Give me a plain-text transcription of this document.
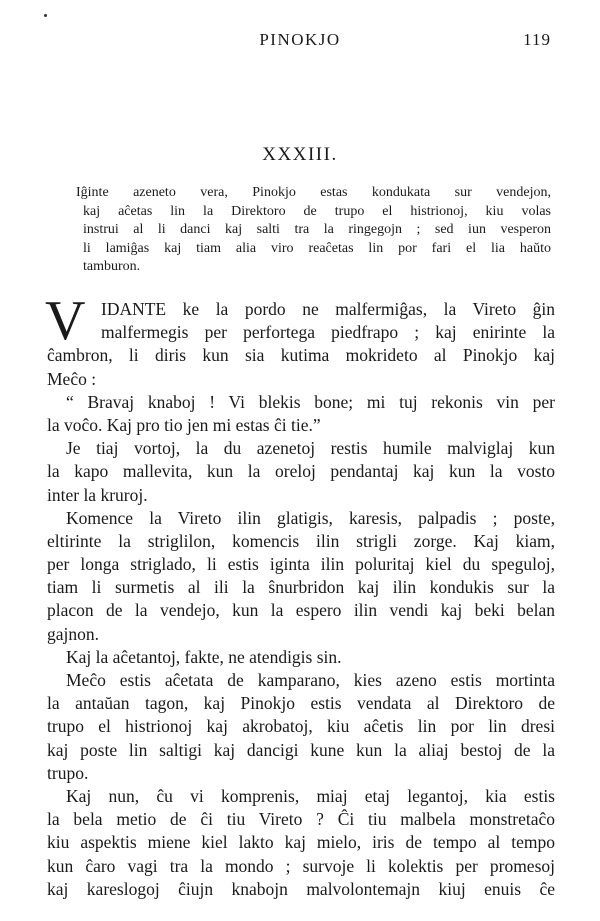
PINOKJO	119
XXXIII.
Iĝinte azeneto vera, Pinokjo estas kondukata sur vendejon,
kaj aĉetas lin la Direktoro de trupo el histrionoj, kiu volas
instrui al li danci kaj salti tra la ringegojn ; sed iun vesperon
li lamiĝas kaj tiam alia viro reaĉetas lin por fari el lia haŭto
tamburon.
V IDANTE ke la pordo ne malfermiĝas, la Vireto ĝin
malfermegis per perfortega piedfrapo ; kaj enirinte la
ĉambron, li diris kun sia kutima mokrideto al Pinokjo kaj
Meĉo :
“ Bravaj knaboj ! Vi blekis bone; mi tuj rekonis vin per
la voĉo. Kaj pro tio jen mi estas ĉi tie.”
Je tiaj vortoj, la du azenetoj restis humile malviglaj kun
la kapo mallevita, kun la oreloj pendantaj kaj kun la vosto
inter la kruroj.
Komence la Vireto ilin glatigis, karesis, palpadis ; poste,
eltirinte la striglilon, komencis ilin strigli zorge. Kaj kiam,
per longa strigladо, li estis iginta ilin poluritaj kiel du speguloj,
tiam li surmetis al ili la ŝnurbridon kaj ilin kondukis sur la
placon de la vendejo, kun la espero ilin vendi kaj beki belan
gajnon.
Kaj la aĉetantoj, fakte, ne atendigis sin.
Meĉo estis aĉetata de kamparano, kies azeno estis mortinta
la antaŭan tagon, kaj Pinokjo estis vendata al Direktoro de
trupo el histrionoj kaj akrobatoj, kiu aĉetis lin por lin dresi
kaj poste lin saltigi kaj dancigi kune kun la aliaj bestoj de la
trupo.
Kaj nun, ĉu vi komprenis, miaj etaj legantoj, kia estis
la bela metio de ĉi tiu Vireto ? Ĉi tiu malbela monstretaĉo
kiu aspektis miene kiel lakto kaj mielo, iris de tempo al tempo
kun ĉaro vagi tra la mondo ; survoje li kolektis per promesoj
kaj kareslogoj ĉiujn knabojn malvolontemajn kiuj enuis ĉe
